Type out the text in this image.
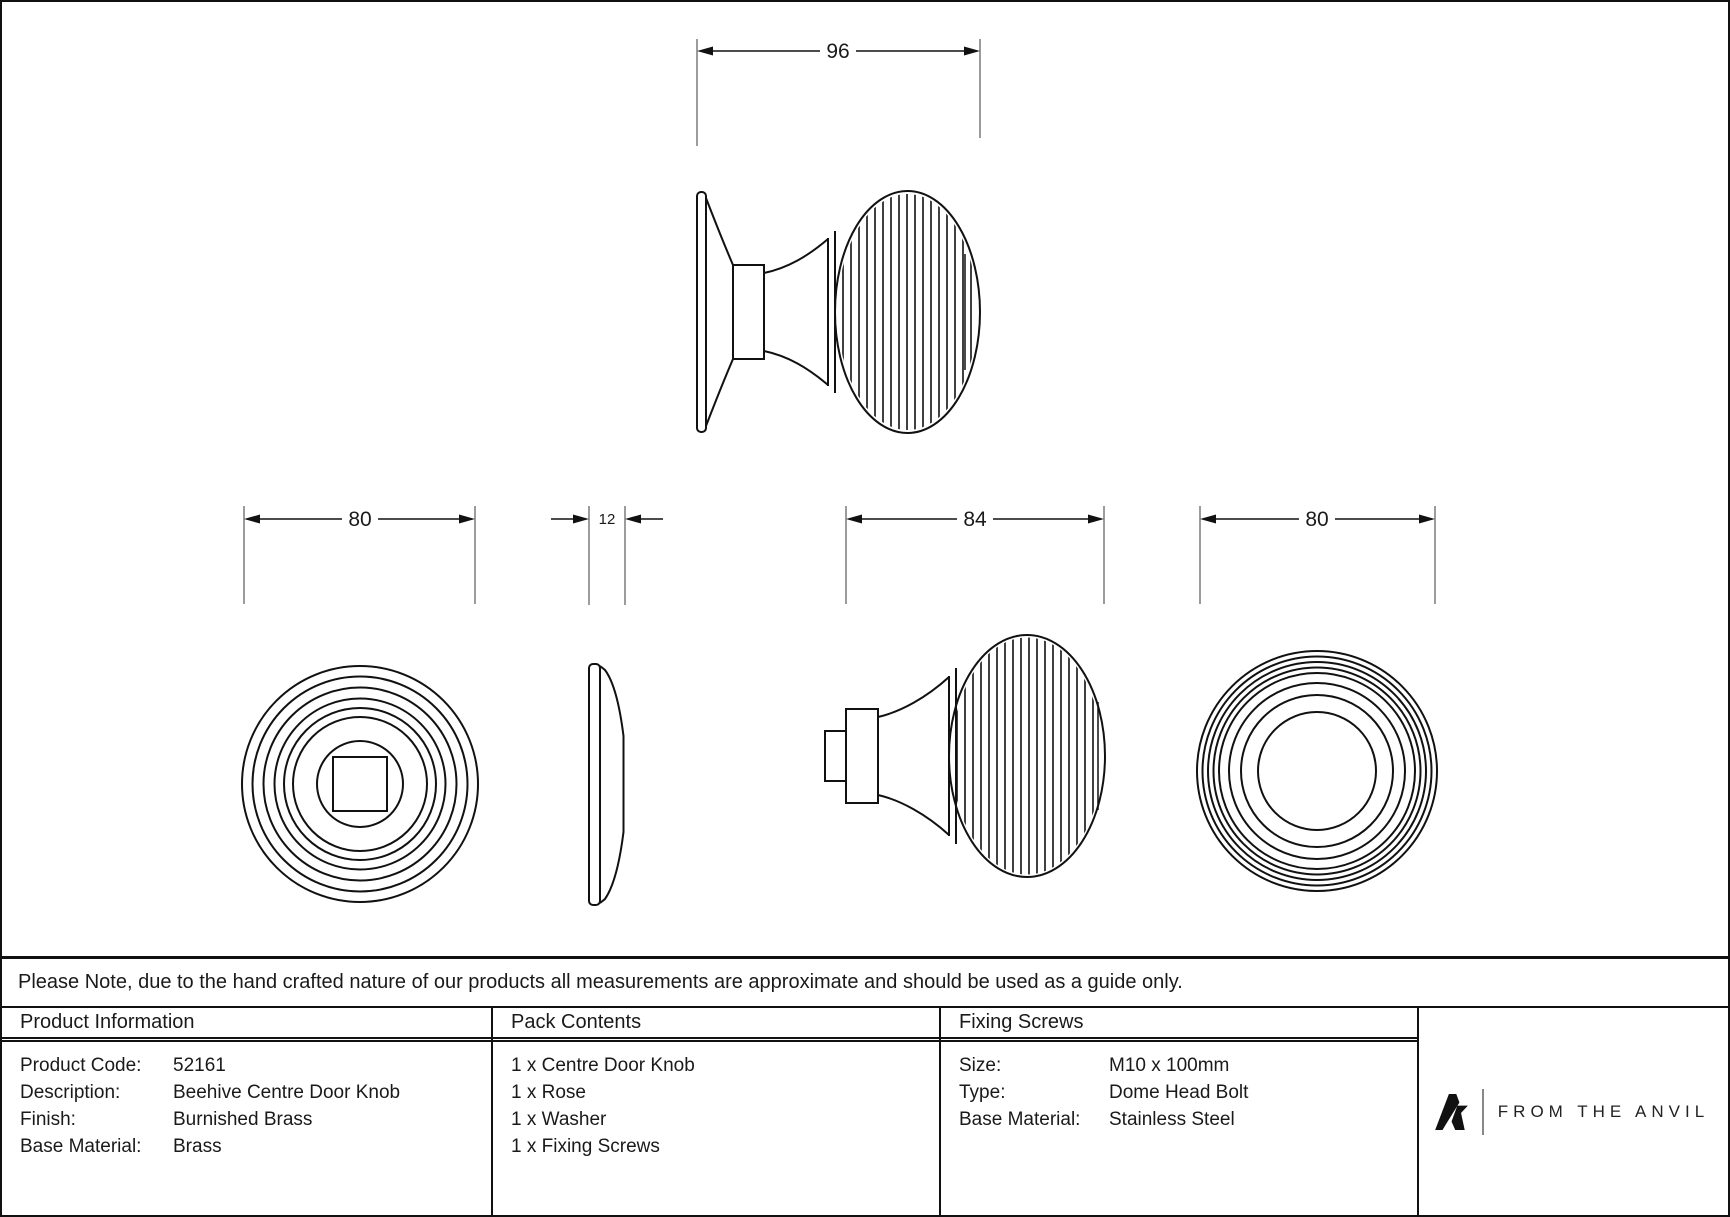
96
80	12	84	80
Please Note, due to the hand crafted nature of our products all measurements are approximate and should be used as a guide only.
Product Information
Product Code:	52161
Description:	Beehive Centre Door Knob
Finish:	Burnished Brass
Base Material:	Brass
Pack Contents
1 x Centre Door Knob
1 x Rose
1 x Washer
1 x Fixing Screws
Fixing Screws
Size:	M10 x 100mm
Type:	Dome Head Bolt
Base Material:	Stainless Steel	FROM THE ANVIL
